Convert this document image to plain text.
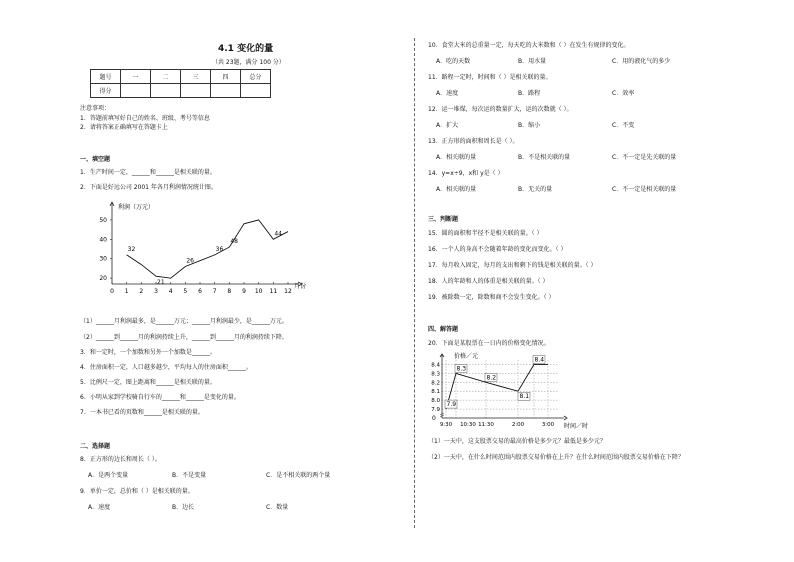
4.1 变化的量
（共 23题，满分 100 分）
题号	一	二	三	四	总分
得分					
注意事项：
1．答题前填写好自己的姓名、班级、考号等信息
2．请将答案正确填写在答题卡上
一、填空题
1．生产时间一定，______和______是相关联的量。
2．下面是好远公司 2001 年各月利润情况统计图。
利润（万元）
月份
20
30
40
50
0 1 2 3 4 5 6 7 8 9 10 11 12
32
21
26
36
48
44
（1）______月利润最多，是______万元；______月利润最少，是______万元。
（2）______到______月的利润持续上升，______到______月的利润持续下降。
3．和一定时，一个加数和另外一个加数是______。
4．住房面积一定，人口越多越少，平均每人的住房面积______。
5．比例尺一定，图上距离和______是相关联的量。
6．小明从家到学校骑自行车的______和______是变化的量。
7．一本书已看的页数和______是相关联的量。
二、选择题
8．正方形的边长和周长（ ）。
A．是两个变量	B．不是变量	C．是不相关联的两个量
9．单价一定，总价和（ ）是相关联的量。
A．速度	B．边长	C．数量
10．食堂大米的总重量一定，每天吃的大米数和（ ）在发生有规律的变化。
A．吃的天数	B．用水量	C．用的液化气的多少
11．路程一定时，时间和（ ）是相关联的量。
A．速度	B．路程	C．效率
12．运一堆煤，每次运的数量扩大，运的次数就（ ）。
A．扩大	B．缩小	C．不变
13．正方形的面积和周长是（ ）。
A．相关联的量	B．不是相关联的量	C．不一定是先关联的量
14．y=x÷9，x和 y是（ ）
A．相关联的量	B．无关的量	C．不一定是相关联的量
三、判断题
15．圆的面积和半径不是相关联的量。（ ）
16．一个人的身高不会随着年龄的变化而变化。（ ）
17．每月收入固定，每月的支出和剩下的钱是相关联的量。（ ）
18．人的年龄和人的体重是相关联的量。（ ）
19．被除数一定，除数和商不会发生变化。（ ）
四、解答题
20．下面是某股票在一日内的价格变化情况。
价格／元
时间／时
0
7.9
8.0
8.1
8.2
8.3
8.4
9:30 10:30 11:30	2:00	3:00
7.9
8.3
8.2
8.1
8.4
（1）一天中，这支股票交易的最高价格是多少元？最低是多少元？
（2）一天中，在什么时间范围内股票交易价格在上升？在什么时间范围内股票交易价格在下降？
